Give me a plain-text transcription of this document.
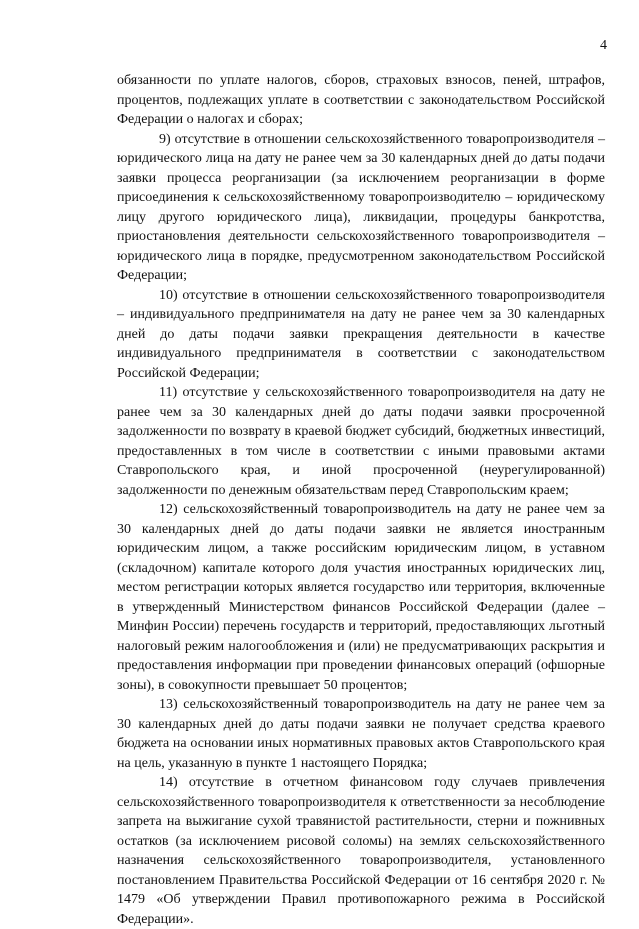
4

обязанности по уплате налогов, сборов, страховых взносов, пеней, штрафов, процентов, подлежащих уплате в соответствии с законодательством Российской Федерации о налогах и сборах;

9) отсутствие в отношении сельскохозяйственного товаропроизводителя – юридического лица на дату не ранее чем за 30 календарных дней до даты подачи заявки процесса реорганизации (за исключением реорганизации в форме присоединения к сельскохозяйственному товаропроизводителю – юридическому лицу другого юридического лица), ликвидации, процедуры банкротства, приостановления деятельности сельскохозяйственного товаропроизводителя – юридического лица в порядке, предусмотренном законодательством Российской Федерации;

10) отсутствие в отношении сельскохозяйственного товаропроизводителя – индивидуального предпринимателя на дату не ранее чем за 30 календарных дней до даты подачи заявки прекращения деятельности в качестве индивидуального предпринимателя в соответствии с законодательством Российской Федерации;

11) отсутствие у сельскохозяйственного товаропроизводителя на дату не ранее чем за 30 календарных дней до даты подачи заявки просроченной задолженности по возврату в краевой бюджет субсидий, бюджетных инвестиций, предоставленных в том числе в соответствии с иными правовыми актами Ставропольского края, и иной просроченной (неурегулированной) задолженности по денежным обязательствам перед Ставропольским краем;

12) сельскохозяйственный товаропроизводитель на дату не ранее чем за 30 календарных дней до даты подачи заявки не является иностранным юридическим лицом, а также российским юридическим лицом, в уставном (складочном) капитале которого доля участия иностранных юридических лиц, местом регистрации которых является государство или территория, включенные в утвержденный Министерством финансов Российской Федерации (далее – Минфин России) перечень государств и территорий, предоставляющих льготный налоговый режим налогообложения и (или) не предусматривающих раскрытия и предоставления информации при проведении финансовых операций (офшорные зоны), в совокупности превышает 50 процентов;

13) сельскохозяйственный товаропроизводитель на дату не ранее чем за 30 календарных дней до даты подачи заявки не получает средства краевого бюджета на основании иных нормативных правовых актов Ставропольского края на цель, указанную в пункте 1 настоящего Порядка;

14) отсутствие в отчетном финансовом году случаев привлечения сельскохозяйственного товаропроизводителя к ответственности за несоблюдение запрета на выжигание сухой травянистой растительности, стерни и пожнивных остатков (за исключением рисовой соломы) на землях сельскохозяйственного назначения сельскохозяйственного товаропроизводителя, установленного постановлением Правительства Российской Федерации от 16 сентября 2020 г. № 1479 «Об утверждении Правил противопожарного режима в Российской Федерации».
